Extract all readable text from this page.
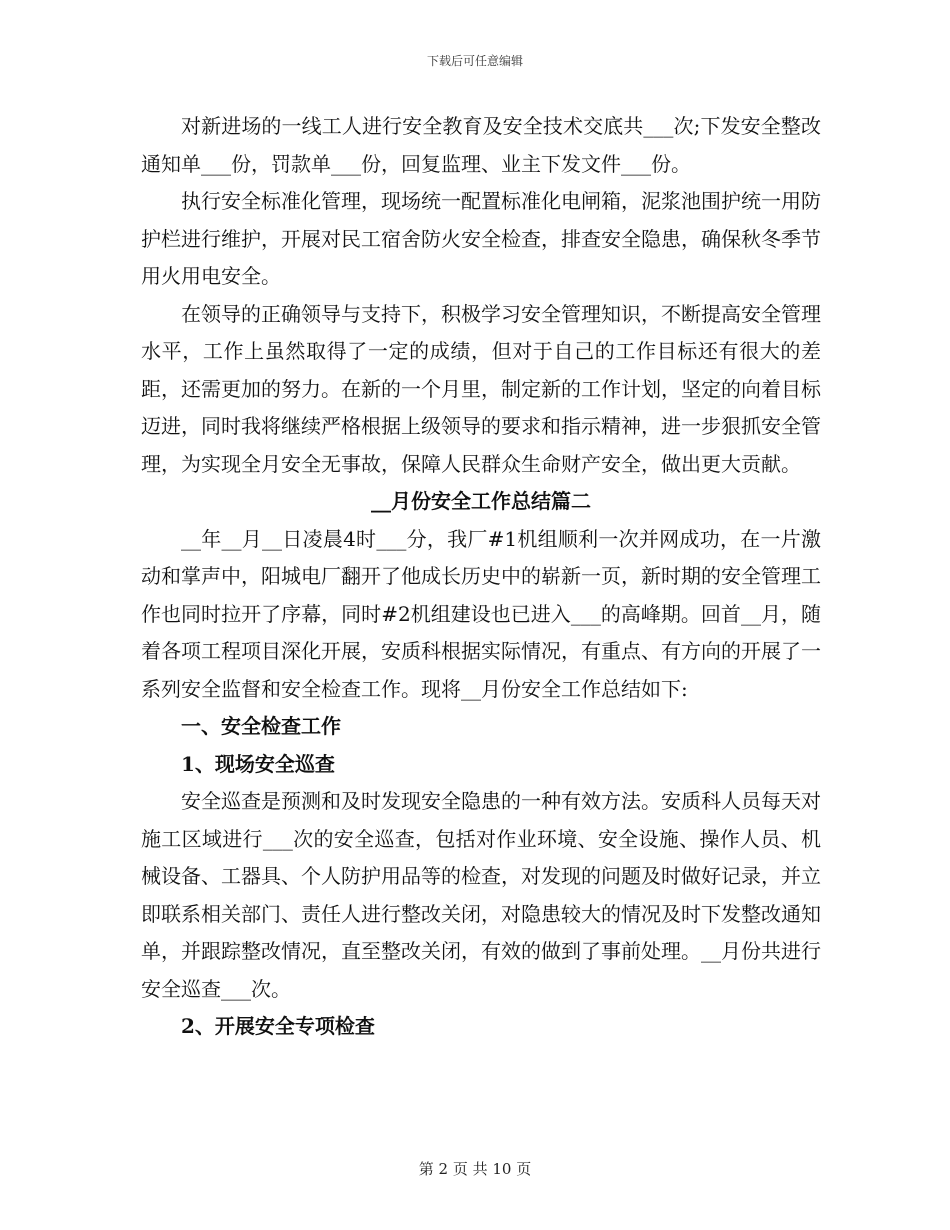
下载后可任意编辑

对新进场的一线工人进行安全教育及安全技术交底共___次;下发安全整改通知单___份，罚款单___份，回复监理、业主下发文件___份。

执行安全标准化管理，现场统一配置标准化电闸箱，泥浆池围护统一用防护栏进行维护，开展对民工宿舍防火安全检查，排查安全隐患，确保秋冬季节用火用电安全。

在领导的正确领导与支持下，积极学习安全管理知识，不断提高安全管理水平，工作上虽然取得了一定的成绩，但对于自己的工作目标还有很大的差距，还需更加的努力。在新的一个月里，制定新的工作计划，坚定的向着目标迈进，同时我将继续严格根据上级领导的要求和指示精神，进一步狠抓安全管理，为实现全月安全无事故，保障人民群众生命财产安全，做出更大贡献。

__月份安全工作总结篇二

__年__月__日凌晨4时___分，我厂#1机组顺利一次并网成功，在一片激动和掌声中，阳城电厂翻开了他成长历史中的崭新一页，新时期的安全管理工作也同时拉开了序幕，同时#2机组建设也已进入___的高峰期。回首__月，随着各项工程项目深化开展，安质科根据实际情况，有重点、有方向的开展了一系列安全监督和安全检查工作。现将__月份安全工作总结如下:

一、安全检查工作

1、现场安全巡查

安全巡查是预测和及时发现安全隐患的一种有效方法。安质科人员每天对施工区域进行___次的安全巡查，包括对作业环境、安全设施、操作人员、机械设备、工器具、个人防护用品等的检查，对发现的问题及时做好记录，并立即联系相关部门、责任人进行整改关闭，对隐患较大的情况及时下发整改通知单，并跟踪整改情况，直至整改关闭，有效的做到了事前处理。__月份共进行安全巡查___次。

2、开展安全专项检查

第 2 页 共 10 页
